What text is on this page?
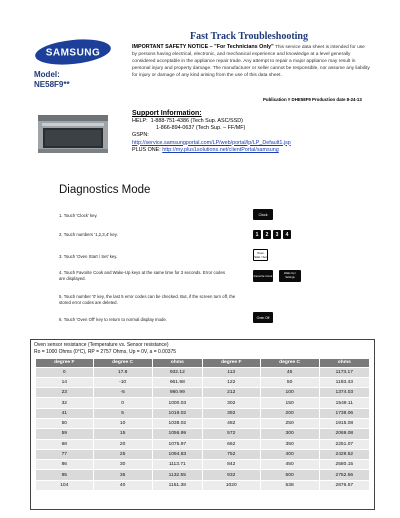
SAMSUNG
Model:
NE58F9**
Fast Track Troubleshooting
IMPORTANT SAFETY NOTICE – "For Technicians Only" This service data sheet is intended for use by persons having electrical, electronic, and mechanical experience and knowledge at a level generally considered acceptable in the appliance repair trade. Any attempt to repair a major appliance may result in personal injury and property damage. The manufacturer or seller cannot be responsible, nor assume any liability for injury or damage of any kind arising from the use of this data sheet.
Publication # DHE58F9 Production date 8-24-13
Support Information:
HELP: 1-888-751-4386 (Tech Sup. ASC/SSD)
1-866-894-0637 (Tech Sup. – FF/MF)
GSPN:
http://service.samsungportal.com/LP/web/portal/lp/LP_Default1.jsp
PLUS ONE: http://my.plus1solutions.net/clientPortal/samsung
Diagnostics Mode
1. Touch 'Clock' key.	Clock
2. Touch numbers '1,2,3,4' key.	1	2	3	4
3. Touch 'Oven Start / Set' key.
Oven Start / Set
4. Touch Favorite Cook and Wake-Up keys at the same time for 3 seconds. Error codes are displayed.	Favorite Cook
Wake Up / Settings
5. Touch number '0' key, the last 5 error codes can be checked. But, if the screen turn off, the stored error codes are deleted.
6. Touch 'Oven Off' key to return to normal display mode.	Oven Off
Oven sensor resistance (Temperature vs. Sensor resistance)
Ro = 1000 Ohms (0°C), RP = 2757 Ohms, Up = 0V, a = 0.00375
degree F	degree C	ohms	degree F	degree C	ohms
0	17.8	932.12	113	45	1173.17
14	-10	961.98	122	50	1193.43
23	-5	980.99	212	100	1374.03
32	0	1000.03	302	150	1549.11
41	5	1019.02	392	200	1738.06
50	10	1038.02	482	250	1915.08
59	15	1056.99	572	300	2069.08
68	20	1075.97	662	350	2251.07
77	25	1094.83	752	400	2429.52
86	30	1113.71	842	450	2580.15
95	35	1132.55	932	500	2752.56
104	40	1151.38	1020	538	2876.57
